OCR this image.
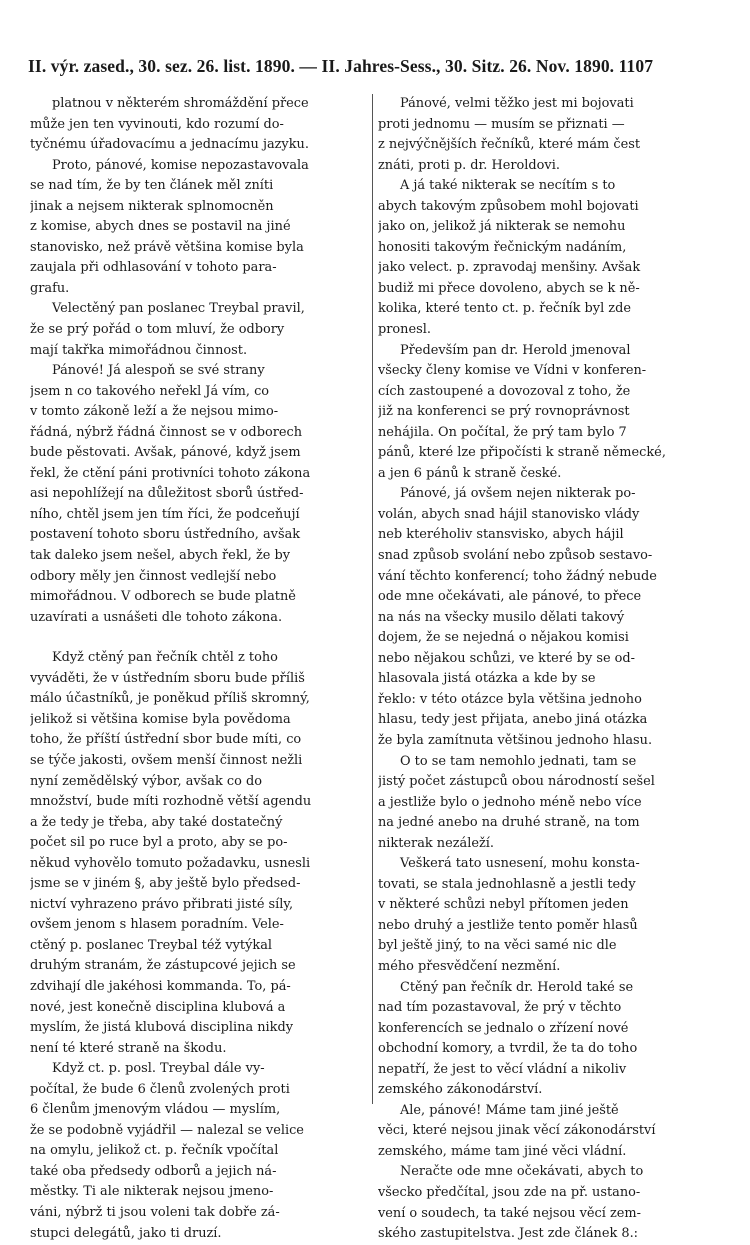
II. výr. zased., 30. sez. 26. list. 1890. — II. Jahres-Sess., 30. Sitz. 26. Nov. 1890. 1107

platnou v některém shromáždění přece
může jen ten vyvinouti, kdo rozumí do-
tyčnému úřadovacímu a jednacímu jazyku.

Proto, pánové, komise nepozastavovala
se nad tím, že by ten článek měl zníti
jinak a nejsem nikterak splnomocněn
z komise, abych dnes se postavil na jiné
stanovisko, než právě většina komise byla
zaujala při odhlasování v tohoto para-
grafu.

Velectěný pan poslanec Treybal pravil,
že se prý pořád o tom mluví, že odbory
mají takřka mimořádnou činnost.

Pánové! Já alespoň se své strany
jsem n co takového neřekl Já vím, co
v tomto zákoně leží a že nejsou mimo-
řádná, nýbrž řádná činnost se v odborech
bude pěstovati. Avšak, pánové, když jsem
řekl, že ctění páni protivníci tohoto zákona
asi nepohlížejí na důležitost sborů ústřed-
ního, chtěl jsem jen tím říci, že podceňují
postavení tohoto sboru ústředního, avšak
tak daleko jsem nešel, abych řekl, že by
odbory měly jen činnost vedlejší nebo
mimořádnou. V odborech se bude platně
uzavírati a usnášeti dle tohoto zákona.

Když ctěný pan řečník chtěl z toho
vyváděti, že v ústředním sboru bude příliš
málo účastníků, je poněkud příliš skromný,
jelikož si většina komise byla povědoma
toho, že příští ústřední sbor bude míti, co
se týče jakosti, ovšem menší činnost nežli
nyní zemědělský výbor, avšak co do
množství, bude míti rozhodně větší agendu
a že tedy je třeba, aby také dostatečný
počet sil po ruce byl a proto, aby se po-
někud vyhovělo tomuto požadavku, usnesli
jsme se v jiném §, aby ještě bylo předsed-
nictví vyhrazeno právo přibrati jisté síly,
ovšem jenom s hlasem poradním. Vele-
ctěný p. poslanec Treybal též vytýkal
druhým stranám, že zástupcové jejich se
zdvihají dle jakéhosi kommanda. To, pá-
nové, jest konečně disciplina klubová a
myslím, že jistá klubová disciplina nikdy
není té které straně na škodu.

Když ct. p. posl. Treybal dále vy-
počítal, že bude 6 členů zvolených proti
6 členům jmenovým vládou — myslím,
že se podobně vyjádřil — nalezal se velice
na omylu, jelikož ct. p. řečník vpočítal
také oba předsedy odborů a jejich ná-
městky. Ti ale nikterak nejsou jmeno-
váni, nýbrž ti jsou voleni tak dobře zá-
stupci delegátů, jako ti druzí.

Pánové, velmi těžko jest mi bojovati
proti jednomu — musím se přiznati —
z nejvýčnějších řečníků, které mám čest
znáti, proti p. dr. Heroldovi.

A já také nikterak se necítím s to
abych takovým způsobem mohl bojovati
jako on, jelikož já nikterak se nemohu
honositi takovým řečnickým nadáním,
jako velect. p. zpravodaj menšiny. Avšak
budiž mi přece dovoleno, abych se k ně-
kolika, které tento ct. p. řečník byl zde
pronesl.

Především pan dr. Herold jmenoval
všecky členy komise ve Vídni v konferen-
cích zastoupené a dovozoval z toho, že
již na konferenci se prý rovnoprávnost
nehájila. On počítal, že prý tam bylo 7
pánů, které lze připočísti k straně německé,
a jen 6 pánů k straně české.

Pánové, já ovšem nejen nikterak po-
volán, abych snad hájil stanovisko vlády
neb kteréholiv stansvisko, abych hájil
snad způsob svolání nebo způsob sestavo-
vání těchto konferencí; toho žádný nebude
ode mne očekávati, ale pánové, to přece
na nás na všecky musilo dělati takový
dojem, že se nejedná o nějakou komisi
nebo nějakou schůzi, ve které by se od-
hlasovala jistá otázka a kde by se
řeklo: v této otázce byla většina jednoho
hlasu, tedy jest přijata, anebo jiná otázka
že byla zamítnuta většinou jednoho hlasu.

O to se tam nemohlo jednati, tam se
jistý počet zástupců obou národností sešel
a jestliže bylo o jednoho méně nebo více
na jedné anebo na druhé straně, na tom
nikterak nezáleží.

Veškerá tato usnesení, mohu konsta-
tovati, se stala jednohlasně a jestli tedy
v některé schůzi nebyl přítomen jeden
nebo druhý a jestliže tento poměr hlasů
byl ještě jiný, to na věci samé nic dle
mého přesvědčení nezmění.

Ctěný pan řečník dr. Herold také se
nad tím pozastavoval, že prý v těchto
konferencích se jednalo o zřízení nové
obchodní komory, a tvrdil, že ta do toho
nepatří, že jest to věcí vládní a nikoliv
zemského zákonodárství.

Ale, pánové! Máme tam jiné ještě
věci, které nejsou jinak věcí zákonodárství
zemského, máme tam jiné věci vládní.

Neračte ode mne očekávati, abych to
všecko předčítal, jsou zde na př. ustano-
vení o soudech, ta také nejsou věcí zem-
ského zastupitelstva. Jest zde článek 8.:
